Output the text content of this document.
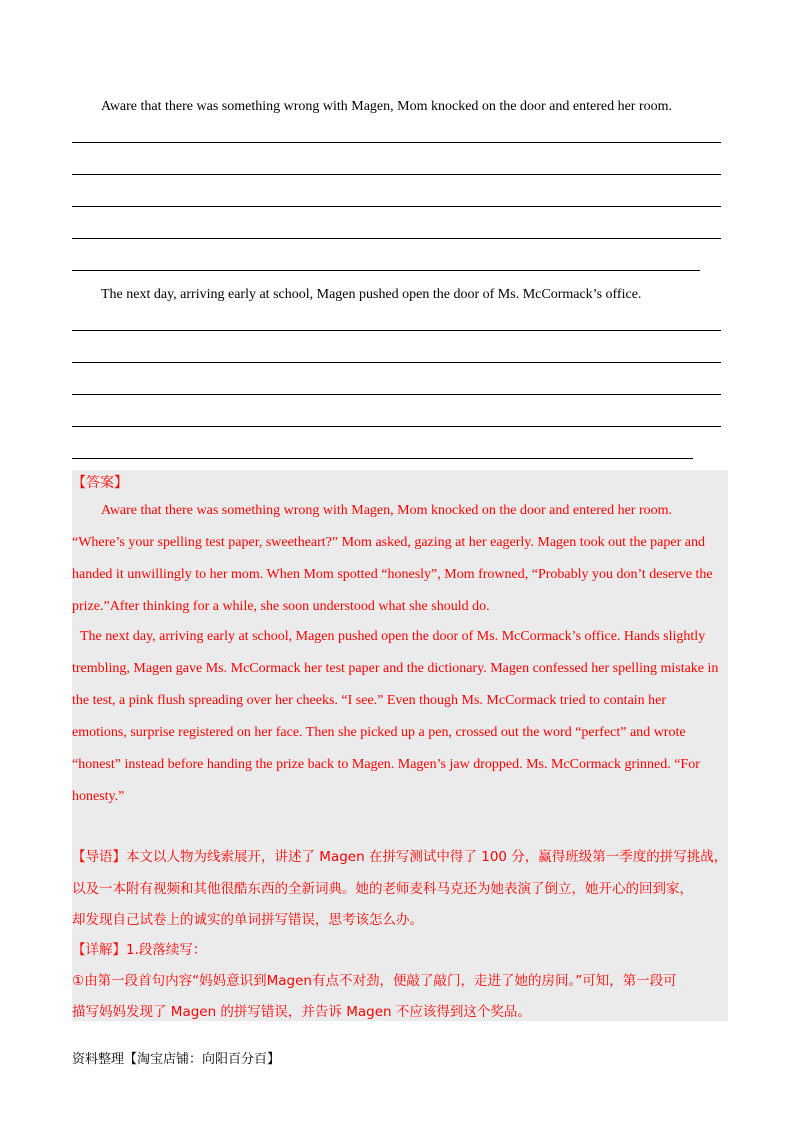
Aware that there was something wrong with Magen, Mom knocked on the door and entered her room.
The next day, arriving early at school, Magen pushed open the door of Ms. McCormack’s office.
【答案】
Aware that there was something wrong with Magen, Mom knocked on the door and entered her room.
“Where’s your spelling test paper, sweetheart?” Mom asked, gazing at her eagerly. Magen took out the paper and
handed it unwillingly to her mom. When Mom spotted “honesly”, Mom frowned, “Probably you don’t deserve the
prize.”After thinking for a while, she soon understood what she should do.
The next day, arriving early at school, Magen pushed open the door of Ms. McCormack’s office. Hands slightly
trembling, Magen gave Ms. McCormack her test paper and the dictionary. Magen confessed her spelling mistake in
the test, a pink flush spreading over her cheeks. “I see.” Even though Ms. McCormack tried to contain her
emotions, surprise registered on her face. Then she picked up a pen, crossed out the word “perfect” and wrote
“honest” instead before handing the prize back to Magen. Magen’s jaw dropped. Ms. McCormack grinned. “For
honesty.”
【导语】本文以人物为线索展开，讲述了 Magen 在拼写测试中得了 100 分，赢得班级第一季度的拼写挑战，
以及一本附有视频和其他很酷东西的全新词典。她的老师麦科马克还为她表演了倒立，她开心的回到家，
却发现自己试卷上的诚实的单词拼写错误，思考该怎么办。
【详解】1.段落续写：
①由第一段首句内容“妈妈意识到Magen有点不对劲，便敲了敲门，走进了她的房间。”可知，第一段可
描写妈妈发现了 Magen 的拼写错误，并告诉 Magen 不应该得到这个奖品。
资料整理【淘宝店铺：向阳百分百】
